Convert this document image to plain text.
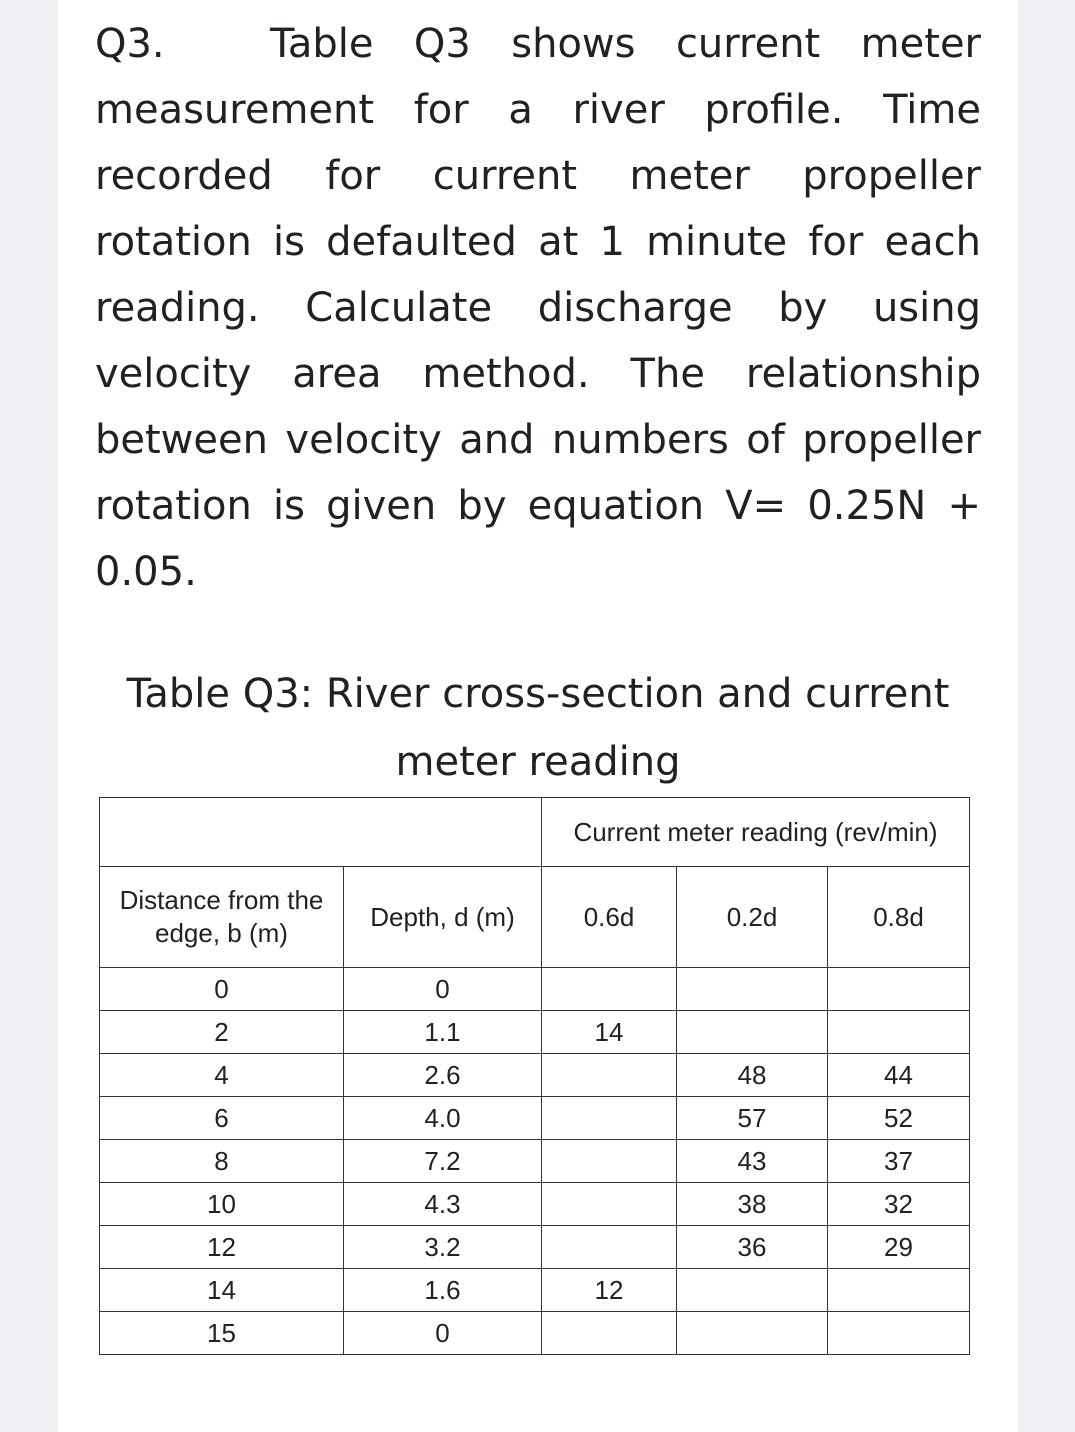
Q3.	Table Q3 shows current meter measurement for a river profile. Time recorded for current meter propeller rotation is defaulted at 1 minute for each reading. Calculate discharge by using velocity area method. The relationship between velocity and numbers of propeller rotation is given by equation V= 0.25N + 0.05.

Table Q3: River cross-section and current meter reading

		Current meter reading (rev/min)		
Distance from the edge, b (m)	Depth, d (m)	0.6d	0.2d	0.8d
0	0			
2	1.1	14		
4	2.6		48	44
6	4.0		57	52
8	7.2		43	37
10	4.3		38	32
12	3.2		36	29
14	1.6	12		
15	0			
